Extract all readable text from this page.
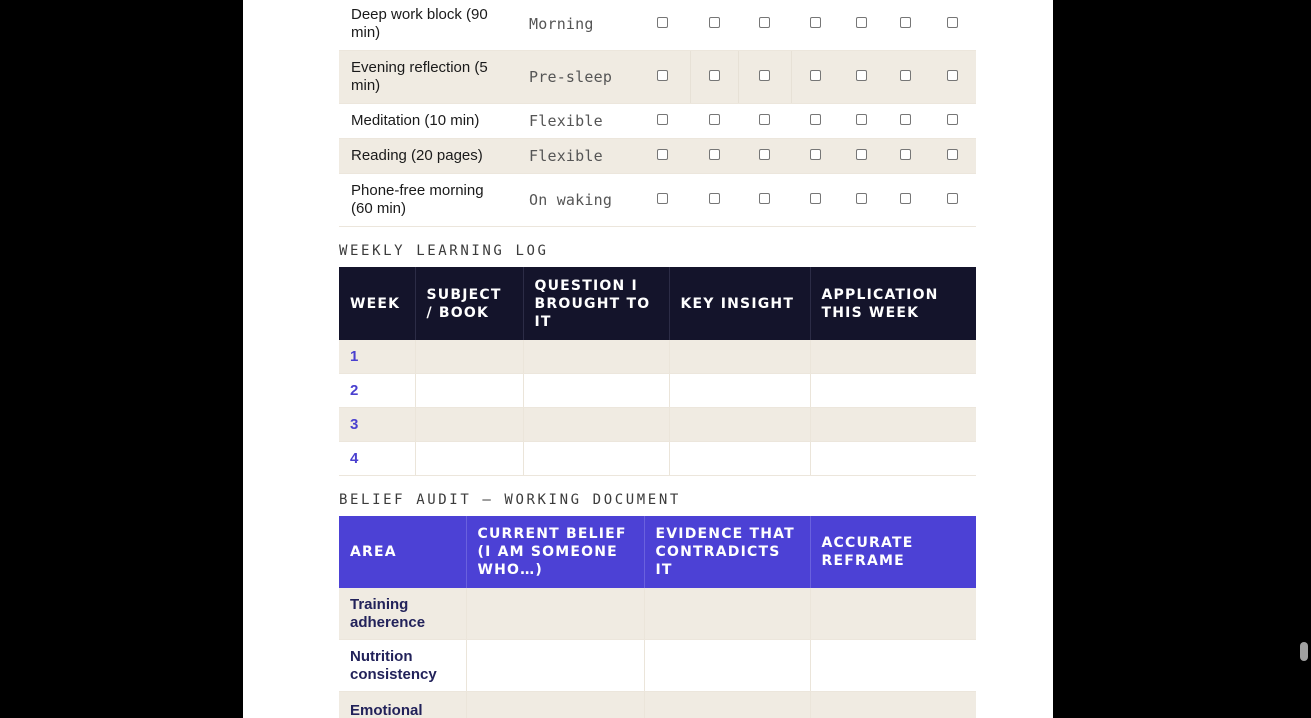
Deep work block (90 min)	Morning							
Evening reflection (5 min)	Pre-sleep							
Meditation (10 min)	Flexible							
Reading (20 pages)	Flexible							
Phone-free morning (60 min)	On waking							
WEEKLY LEARNING LOG
WEEK	SUBJECT / BOOK	QUESTION I BROUGHT TO IT	KEY INSIGHT	APPLICATION THIS WEEK
1				
2				
3				
4				
BELIEF AUDIT — WORKING DOCUMENT
AREA	CURRENT BELIEF (I AM SOMEONE WHO…)	EVIDENCE THAT CONTRADICTS IT	ACCURATE REFRAME
Training adherence			
Nutrition consistency			
Emotional			
